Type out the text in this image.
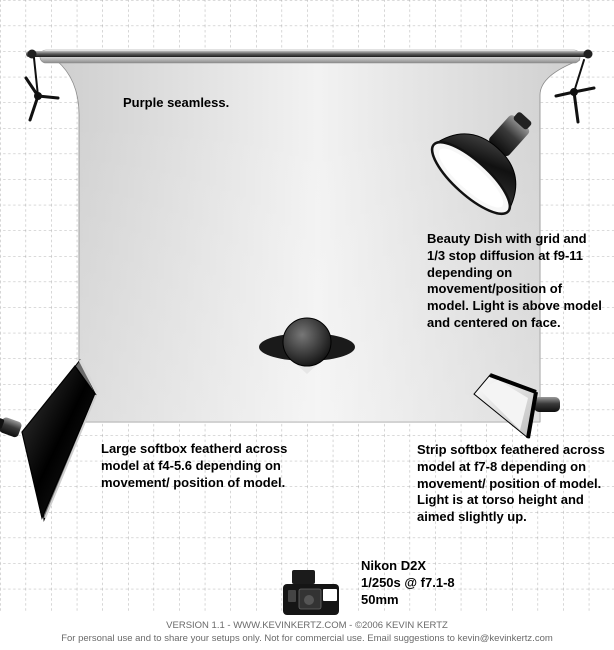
Purple seamless.

Beauty Dish with grid and 1/3 stop diffusion at f9-11 depending on movement/position of model. Light is above model and centered on face.

Large softbox featherd across model at f4-5.6 depending on movement/ position of model.

Strip softbox feathered across model at f7-8 depending on movement/ position of model. Light is at torso height and aimed slightly up.

Nikon D2X

1/250s @ f7.1-8

50mm

VERSION 1.1 - WWW.KEVINKERTZ.COM - ©2006 KEVIN KERTZ

For personal use and to share your setups only. Not for commercial use. Email suggestions to kevin@kevinkertz.com
